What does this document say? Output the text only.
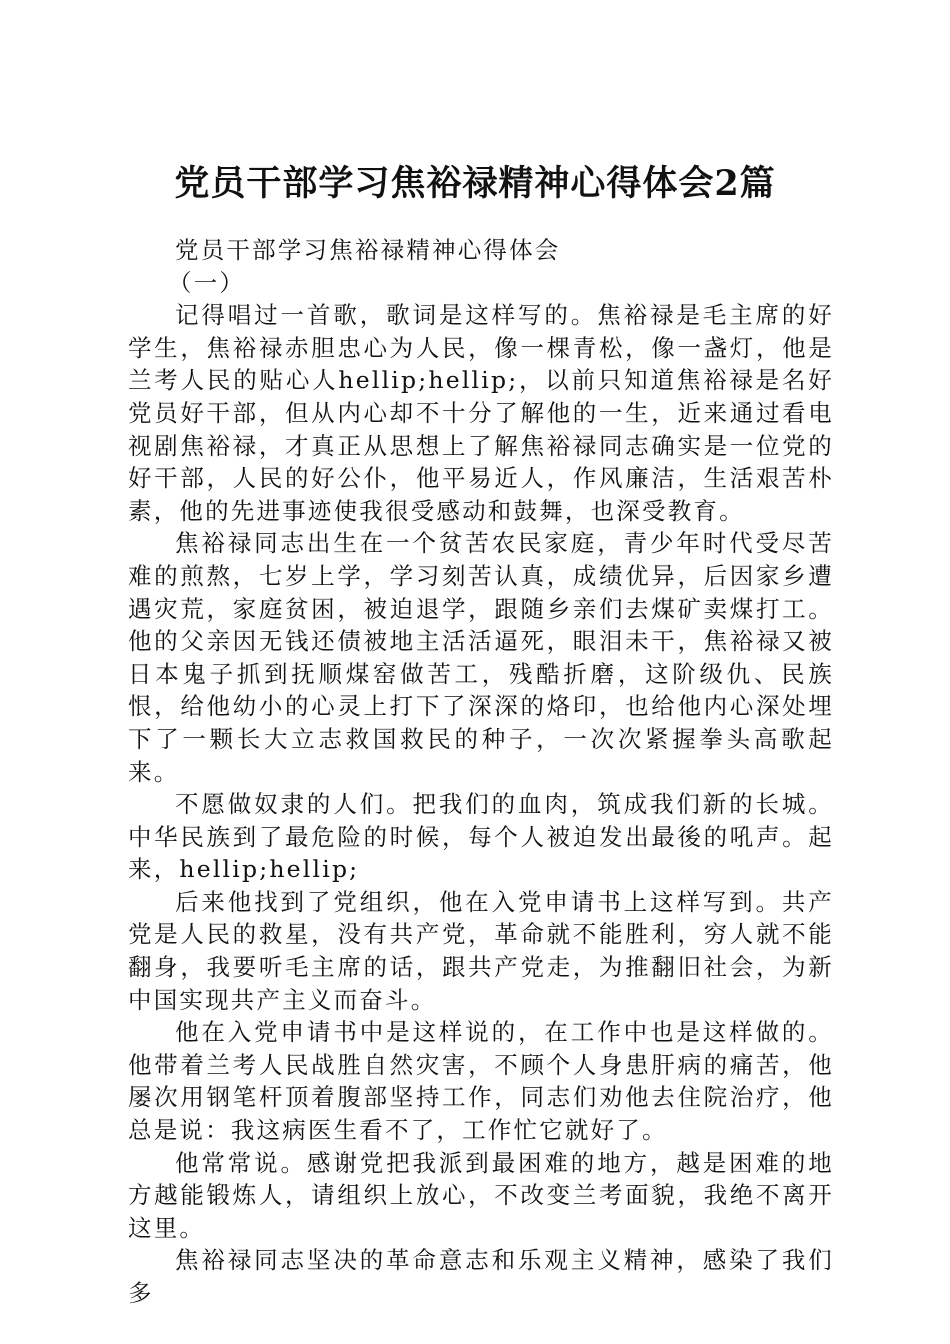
党员干部学习焦裕禄精神心得体会2篇

党员干部学习焦裕禄精神心得体会

（一）

记得唱过一首歌，歌词是这样写的。焦裕禄是毛主席的好学生，焦裕禄赤胆忠心为人民，像一棵青松，像一盏灯，他是兰考人民的贴心人hellip;hellip;，以前只知道焦裕禄是名好党员好干部，但从内心却不十分了解他的一生，近来通过看电视剧焦裕禄，才真正从思想上了解焦裕禄同志确实是一位党的好干部，人民的好公仆，他平易近人，作风廉洁，生活艰苦朴素，他的先进事迹使我很受感动和鼓舞，也深受教育。

焦裕禄同志出生在一个贫苦农民家庭，青少年时代受尽苦难的煎熬，七岁上学，学习刻苦认真，成绩优异，后因家乡遭遇灾荒，家庭贫困，被迫退学，跟随乡亲们去煤矿卖煤打工。他的父亲因无钱还债被地主活活逼死，眼泪未干，焦裕禄又被日本鬼子抓到抚顺煤窑做苦工，残酷折磨，这阶级仇、民族恨，给他幼小的心灵上打下了深深的烙印，也给他内心深处埋下了一颗长大立志救国救民的种子，一次次紧握拳头高歌起来。

不愿做奴隶的人们。把我们的血肉，筑成我们新的长城。中华民族到了最危险的时候，每个人被迫发出最後的吼声。起来，hellip;hellip;

后来他找到了党组织，他在入党申请书上这样写到。共产党是人民的救星，没有共产党，革命就不能胜利，穷人就不能翻身，我要听毛主席的话，跟共产党走，为推翻旧社会，为新中国实现共产主义而奋斗。

他在入党申请书中是这样说的，在工作中也是这样做的。他带着兰考人民战胜自然灾害，不顾个人身患肝病的痛苦，他屡次用钢笔杆顶着腹部坚持工作，同志们劝他去住院治疗，他总是说：我这病医生看不了，工作忙它就好了。

他常常说。感谢党把我派到最困难的地方，越是困难的地方越能锻炼人，请组织上放心，不改变兰考面貌，我绝不离开这里。

焦裕禄同志坚决的革命意志和乐观主义精神，感染了我们多
